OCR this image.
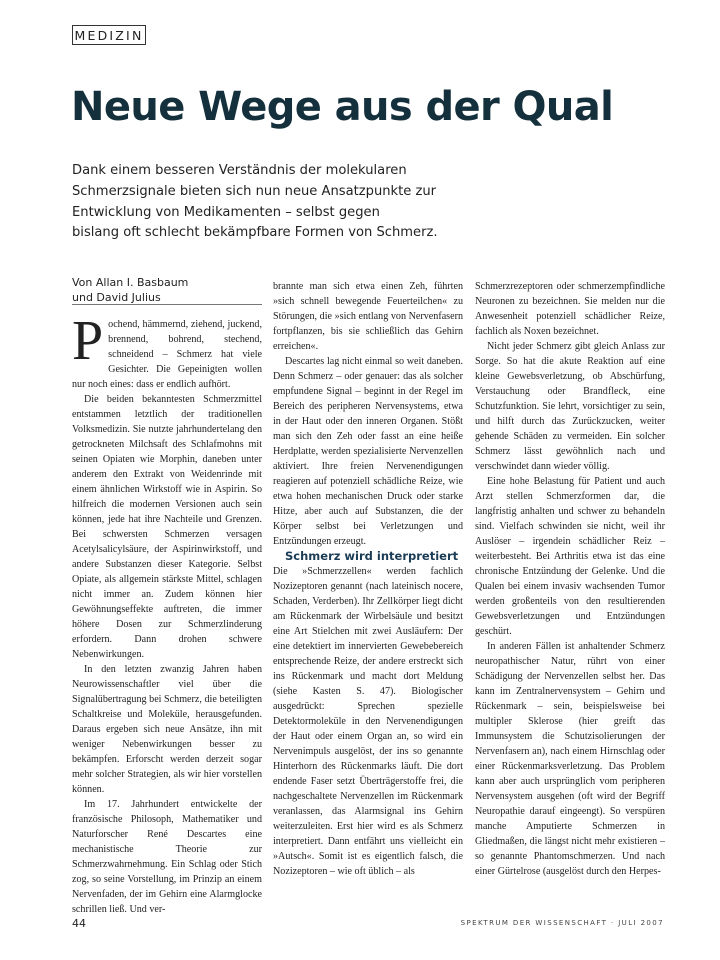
MEDIZIN
Neue Wege aus der Qual

Dank einem besseren Verständnis der molekularen
Schmerzsignale bieten sich nun neue Ansatzpunkte zur
Entwicklung von Medikamenten – selbst gegen
bislang oft schlecht bekämpfbare Formen von Schmerz.

Von Allan I. Basbaum
und David Julius

Pochend, hämmernd, ziehend, juckend, brennend, bohrend, stechend, schneidend – Schmerz hat viele Gesichter. Die Gepeinigten wollen nur noch eines: dass er endlich aufhört.

Die beiden bekanntesten Schmerzmittel entstammen letztlich der traditionellen Volksmedizin. Sie nutzte jahrhundertelang den getrockneten Milchsaft des Schlafmohns mit seinen Opiaten wie Morphin, daneben unter anderem den Extrakt von Weidenrinde mit einem ähnlichen Wirkstoff wie in Aspirin. So hilfreich die modernen Versionen auch sein können, jede hat ihre Nachteile und Grenzen. Bei schwersten Schmerzen versagen Acetylsalicylsäure, der Aspirinwirkstoff, und andere Substanzen dieser Kategorie. Selbst Opiate, als allgemein stärkste Mittel, schlagen nicht immer an. Zudem können hier Gewöhnungseffekte auftreten, die immer höhere Dosen zur Schmerzlinderung erfordern. Dann drohen schwere Nebenwirkungen.

In den letzten zwanzig Jahren haben Neurowissenschaftler viel über die Signalübertragung bei Schmerz, die beteiligten Schaltkreise und Moleküle, herausgefunden. Daraus ergeben sich neue Ansätze, ihn mit weniger Nebenwirkungen besser zu bekämpfen. Erforscht werden derzeit sogar mehr solcher Strategien, als wir hier vorstellen können.

Im 17. Jahrhundert entwickelte der französische Philosoph, Mathematiker und Naturforscher René Descartes eine mechanistische Theorie zur Schmerzwahrnehmung. Ein Schlag oder Stich zog, so seine Vorstellung, im Prinzip an einem Nervenfaden, der im Gehirn eine Alarmglocke schrillen ließ. Und ver-

brannte man sich etwa einen Zeh, führten »sich schnell bewegende Feuerteilchen« zu Störungen, die »sich entlang von Nervenfasern fortpflanzen, bis sie schließlich das Gehirn erreichen«.

Descartes lag nicht einmal so weit daneben. Denn Schmerz – oder genauer: das als solcher empfundene Signal – beginnt in der Regel im Bereich des peripheren Nervensystems, etwa in der Haut oder den inneren Organen. Stößt man sich den Zeh oder fasst an eine heiße Herdplatte, werden spezialisierte Nervenzellen aktiviert. Ihre freien Nervenendigungen reagieren auf potenziell schädliche Reize, wie etwa hohen mechanischen Druck oder starke Hitze, aber auch auf Substanzen, die der Körper selbst bei Verletzungen und Entzündungen erzeugt.

Schmerz wird interpretiert

Die »Schmerzzellen« werden fachlich Nozizeptoren genannt (nach lateinisch nocere, Schaden, Verderben). Ihr Zellkörper liegt dicht am Rückenmark der Wirbelsäule und besitzt eine Art Stielchen mit zwei Ausläufern: Der eine detektiert im innervierten Gewebebereich entsprechende Reize, der andere erstreckt sich ins Rückenmark und macht dort Meldung (siehe Kasten S. 47). Biologischer ausgedrückt: Sprechen spezielle Detektormoleküle in den Nervenendigungen der Haut oder einem Organ an, so wird ein Nervenimpuls ausgelöst, der ins so genannte Hinterhorn des Rückenmarks läuft. Die dort endende Faser setzt Überträgerstoffe frei, die nachgeschaltete Nervenzellen im Rückenmark veranlassen, das Alarmsignal ins Gehirn weiterzuleiten. Erst hier wird es als Schmerz interpretiert. Dann entfährt uns vielleicht ein »Autsch«. Somit ist es eigentlich falsch, die Nozizeptoren – wie oft üblich – als

Schmerzrezeptoren oder schmerzempfindliche Neuronen zu bezeichnen. Sie melden nur die Anwesenheit potenziell schädlicher Reize, fachlich als Noxen bezeichnet.

Nicht jeder Schmerz gibt gleich Anlass zur Sorge. So hat die akute Reaktion auf eine kleine Gewebsverletzung, ob Abschürfung, Verstauchung oder Brandfleck, eine Schutzfunktion. Sie lehrt, vorsichtiger zu sein, und hilft durch das Zurückzucken, weiter gehende Schäden zu vermeiden. Ein solcher Schmerz lässt gewöhnlich nach und verschwindet dann wieder völlig.

Eine hohe Belastung für Patient und auch Arzt stellen Schmerzformen dar, die langfristig anhalten und schwer zu behandeln sind. Vielfach schwinden sie nicht, weil ihr Auslöser – irgendein schädlicher Reiz – weiterbesteht. Bei Arthritis etwa ist das eine chronische Entzündung der Gelenke. Und die Qualen bei einem invasiv wachsenden Tumor werden großenteils von den resultierenden Gewebsverletzungen und Entzündungen geschürt.

In anderen Fällen ist anhaltender Schmerz neuropathischer Natur, rührt von einer Schädigung der Nervenzellen selbst her. Das kann im Zentralnervensystem – Gehirn und Rückenmark – sein, beispielsweise bei multipler Sklerose (hier greift das Immunsystem die Schutzisolierungen der Nervenfasern an), nach einem Hirnschlag oder einer Rückenmarksverletzung. Das Problem kann aber auch ursprünglich vom peripheren Nervensystem ausgehen (oft wird der Begriff Neuropathie darauf eingeengt). So verspüren manche Amputierte Schmerzen in Gliedmaßen, die längst nicht mehr existieren – so genannte Phantomschmerzen. Und nach einer Gürtelrose (ausgelöst durch den Herpes-

44	SPEKTRUM DER WISSENSCHAFT · JULI 2007
